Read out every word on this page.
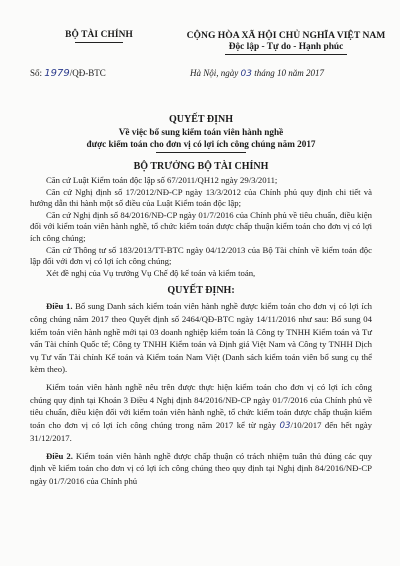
BỘ TÀI CHÍNH	CỘNG HÒA XÃ HỘI CHỦ NGHĨA VIỆT NAM
Độc lập - Tự do - Hạnh phúc
Số: 1979/QĐ-BTC	Hà Nội, ngày 03 tháng 10 năm 2017
QUYẾT ĐỊNH
Về việc bổ sung kiểm toán viên hành nghề
được kiểm toán cho đơn vị có lợi ích công chúng năm 2017
BỘ TRƯỞNG BỘ TÀI CHÍNH

Căn cứ Luật Kiểm toán độc lập số 67/2011/QH12 ngày 29/3/2011;

Căn cứ Nghị định số 17/2012/NĐ-CP ngày 13/3/2012 của Chính phủ quy định chi tiết và hướng dẫn thi hành một số điều của Luật Kiểm toán độc lập;

Căn cứ Nghị định số 84/2016/NĐ-CP ngày 01/7/2016 của Chính phủ về tiêu chuẩn, điều kiện đối với kiểm toán viên hành nghề, tổ chức kiểm toán được chấp thuận kiểm toán cho đơn vị có lợi ích công chúng;

Căn cứ Thông tư số 183/2013/TT-BTC ngày 04/12/2013 của Bộ Tài chính về kiểm toán độc lập đối với đơn vị có lợi ích công chúng;

Xét đề nghị của Vụ trưởng Vụ Chế độ kế toán và kiểm toán,

QUYẾT ĐỊNH:

Điều 1. Bổ sung Danh sách kiểm toán viên hành nghề được kiểm toán cho đơn vị có lợi ích công chúng năm 2017 theo Quyết định số 2464/QĐ-BTC ngày 14/11/2016 như sau: Bổ sung 04 kiểm toán viên hành nghề mới tại 03 doanh nghiệp kiểm toán là Công ty TNHH Kiểm toán và Tư vấn Tài chính Quốc tế; Công ty TNHH Kiểm toán và Định giá Việt Nam và Công ty TNHH Dịch vụ Tư vấn Tài chính Kế toán và Kiểm toán Nam Việt (Danh sách kiểm toán viên bổ sung cụ thể kèm theo).

Kiểm toán viên hành nghề nêu trên được thực hiện kiểm toán cho đơn vị có lợi ích công chúng quy định tại Khoản 3 Điều 4 Nghị định 84/2016/NĐ-CP ngày 01/7/2016 của Chính phủ về tiêu chuẩn, điều kiện đối với kiểm toán viên hành nghề, tổ chức kiểm toán được chấp thuận kiểm toán cho đơn vị có lợi ích công chúng trong năm 2017 kể từ ngày 03/10/2017 đến hết ngày 31/12/2017.

Điều 2. Kiểm toán viên hành nghề được chấp thuận có trách nhiệm tuân thủ đúng các quy định về kiểm toán cho đơn vị có lợi ích công chúng theo quy định tại Nghị định 84/2016/NĐ-CP ngày 01/7/2016 của Chính phủ
